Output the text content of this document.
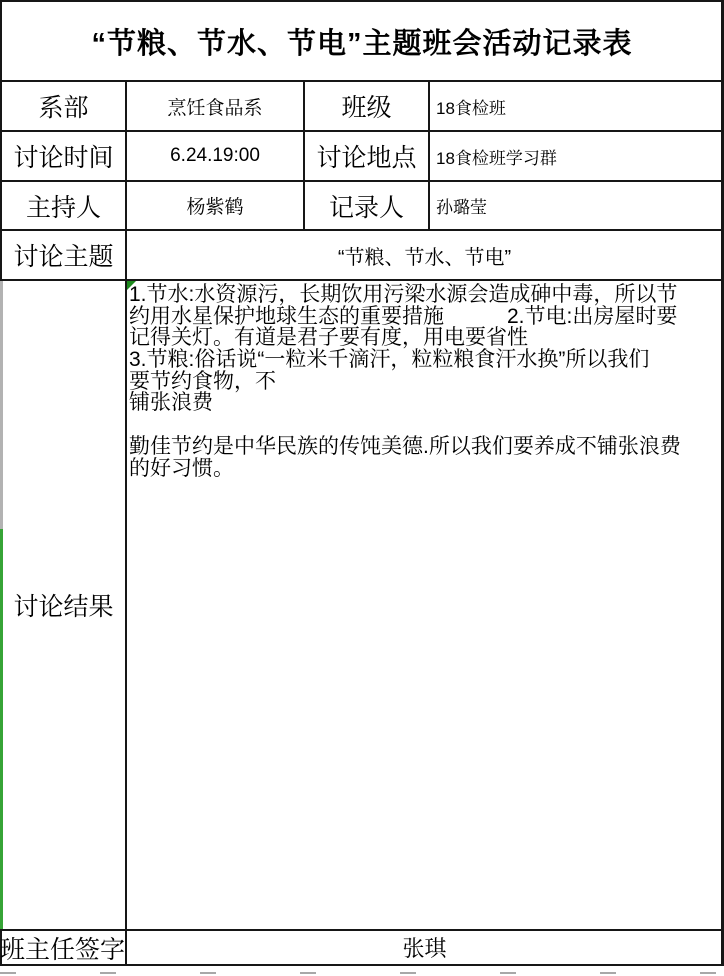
“节粮、节水、节电”主题班会活动记录表
系部	烹饪食品系	班级	18食检班
讨论时间	6.24.19:00	讨论地点	18食检班学习群
主持人	杨紫鹤	记录人	孙璐莹
讨论主题	“节粮、节水、节电”
讨论结果
1.节水:水资源污，长期饮用污梁水源会造成砷中毒，所以节
约用水星保护地球生态的重要措施　　　2.节电:出房屋时要
记得关灯。有道是君子要有度，用电要省性
3.节粮:俗话说“一粒米千滴汗，粒粒粮食汗水换”所以我们
要节约食物，不
铺张浪费
勤佳节约是中华民族的传饨美德.所以我们要养成不铺张浪费
的好习惯。
班主任签字	张琪
